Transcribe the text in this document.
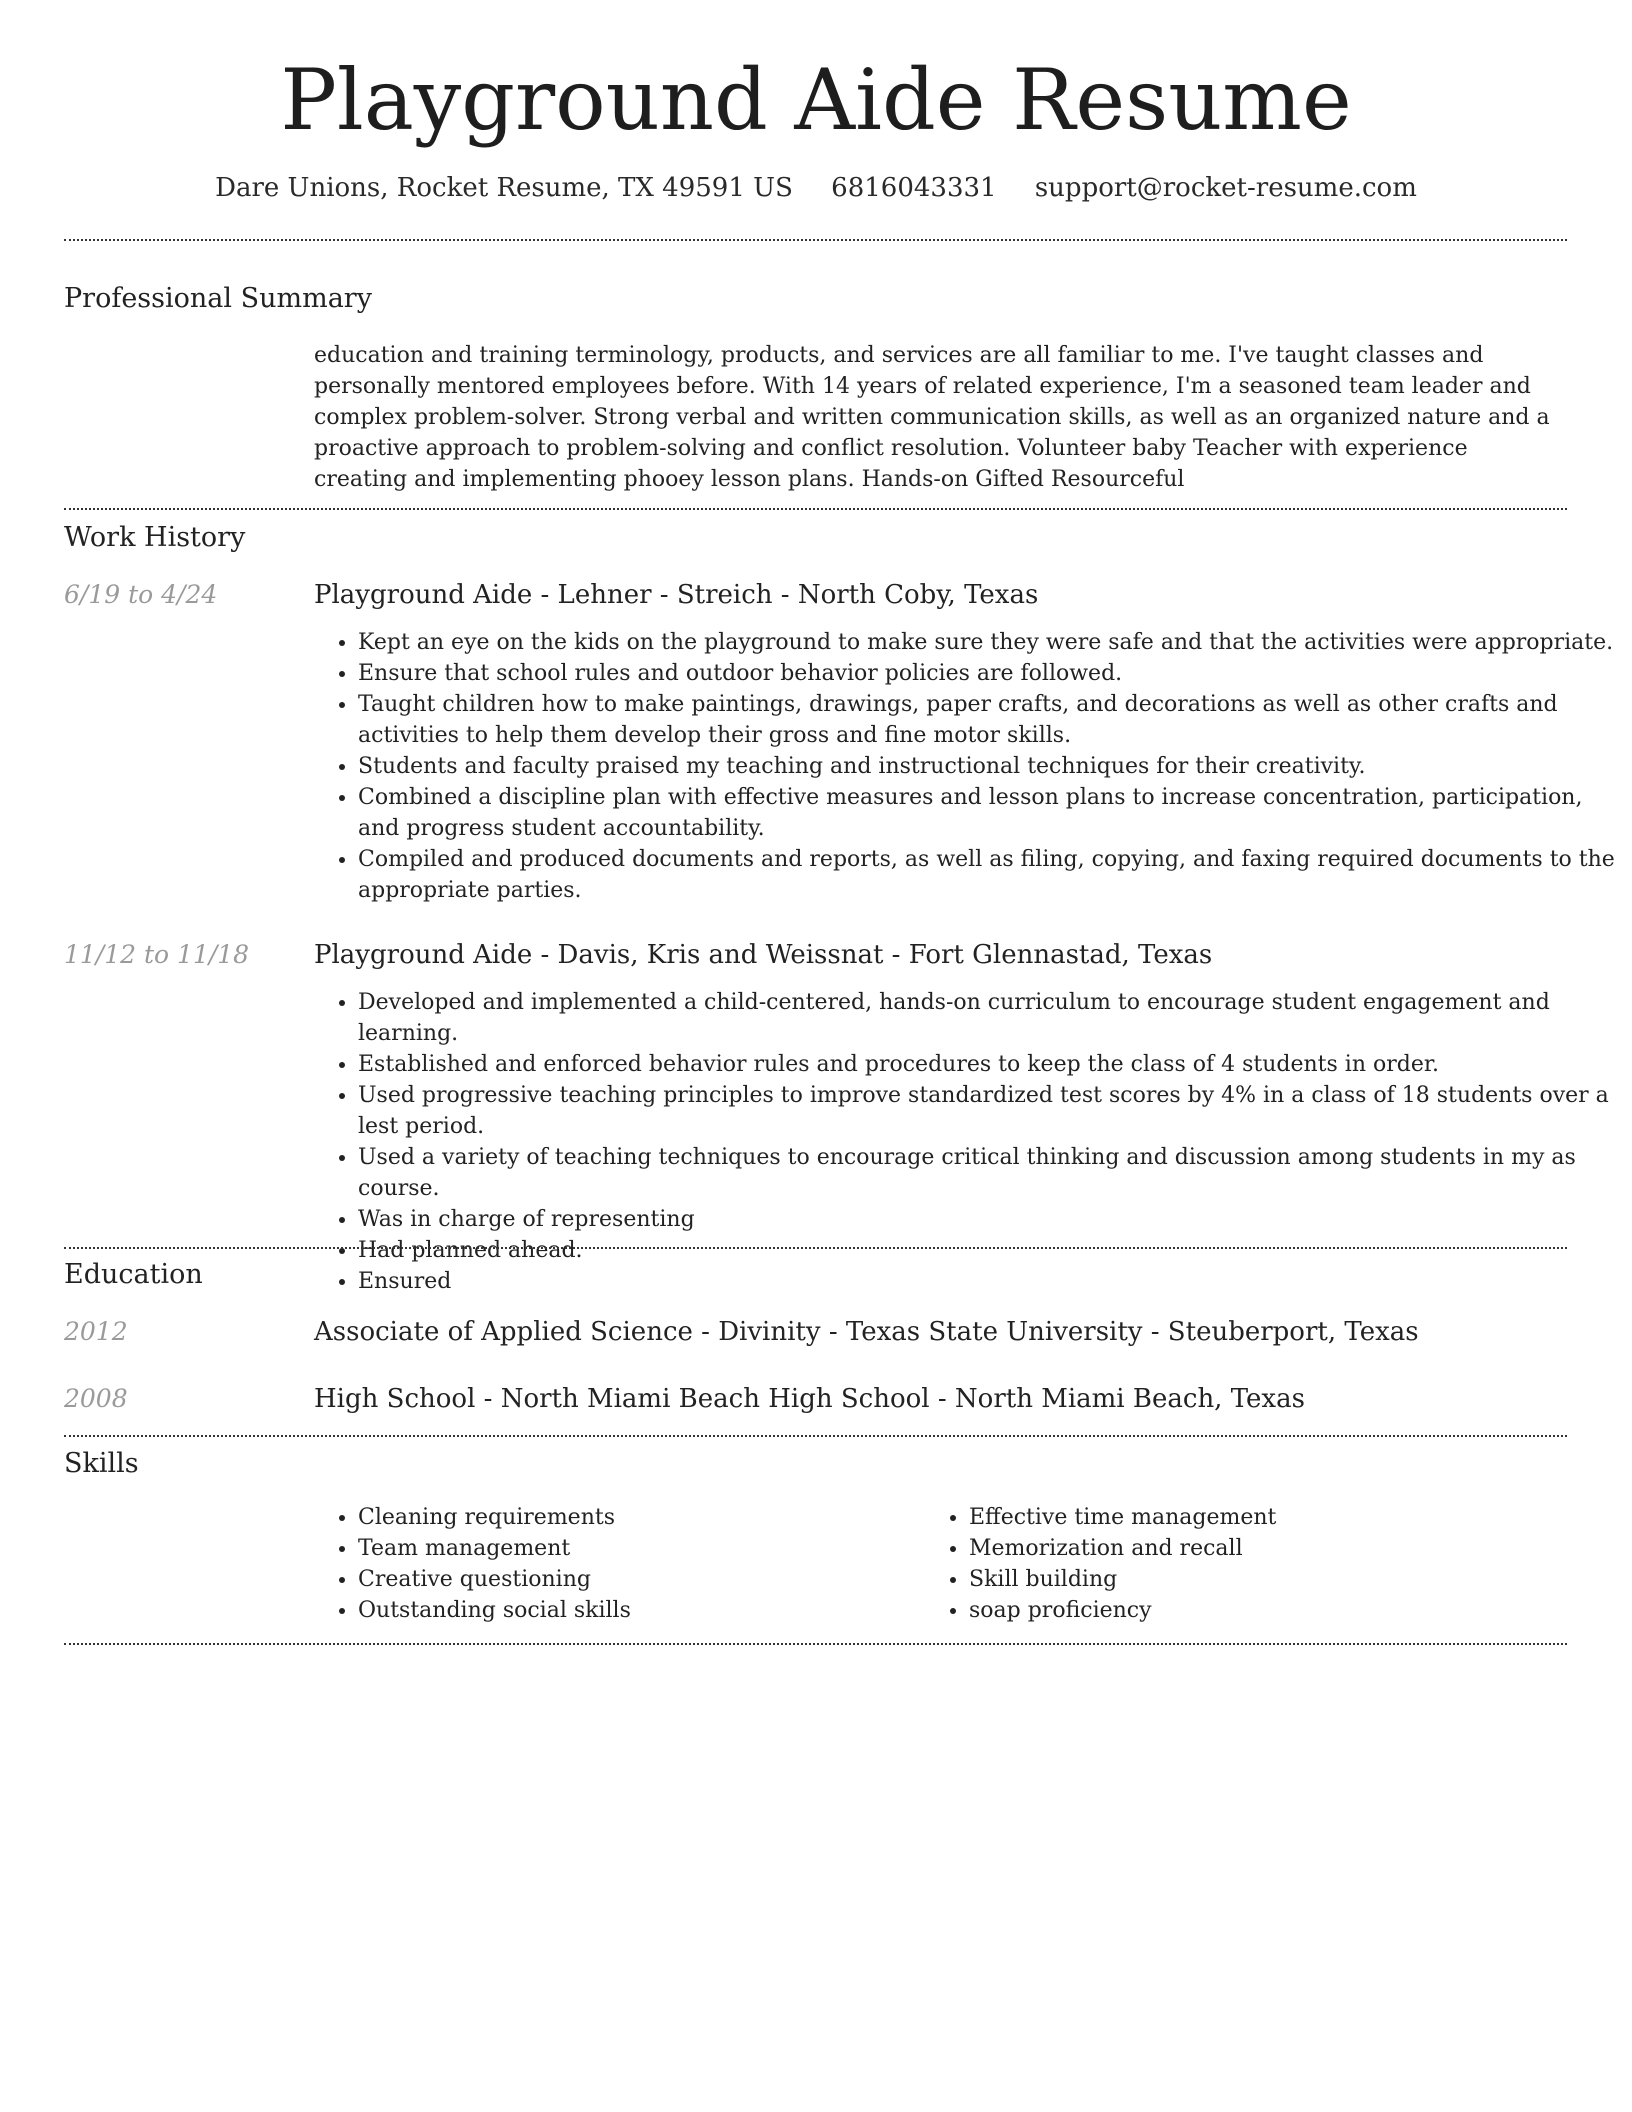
Playground Aide Resume
Dare Unions, Rocket Resume, TX 49591 US 6816043331 support@rocket-resume.com
Professional Summary
education and training terminology, products, and services are all familiar to me. I've taught classes and personally mentored employees before. With 14 years of related experience, I'm a seasoned team leader and complex problem-solver. Strong verbal and written communication skills, as well as an organized nature and a proactive approach to problem-solving and conflict resolution. Volunteer baby Teacher with experience creating and implementing phooey lesson plans. Hands-on Gifted Resourceful
Work History
6/19 to 4/24	Playground Aide - Lehner - Streich - North Coby, Texas
• Kept an eye on the kids on the playground to make sure they were safe and that the activities were appropriate.
• Ensure that school rules and outdoor behavior policies are followed.
• Taught children how to make paintings, drawings, paper crafts, and decorations as well as other crafts and activities to help them develop their gross and fine motor skills.
• Students and faculty praised my teaching and instructional techniques for their creativity.
• Combined a discipline plan with effective measures and lesson plans to increase concentration, participation, and progress student accountability.
• Compiled and produced documents and reports, as well as filing, copying, and faxing required documents to the appropriate parties.
11/12 to 11/18 Playground Aide - Davis, Kris and Weissnat - Fort Glennastad, Texas
• Developed and implemented a child-centered, hands-on curriculum to encourage student engagement and learning.
• Established and enforced behavior rules and procedures to keep the class of 4 students in order.
• Used progressive teaching principles to improve standardized test scores by 4% in a class of 18 students over a lest period.
• Used a variety of teaching techniques to encourage critical thinking and discussion among students in my as course.
• Was in charge of representing
• Had planned ahead.
• Ensured
Education
2012	Associate of Applied Science - Divinity - Texas State University - Steuberport, Texas
2008	High School - North Miami Beach High School - North Miami Beach, Texas
Skills
• Cleaning requirements
• Team management
• Creative questioning
• Outstanding social skills
• Effective time management
• Memorization and recall
• Skill building
• soap proficiency
